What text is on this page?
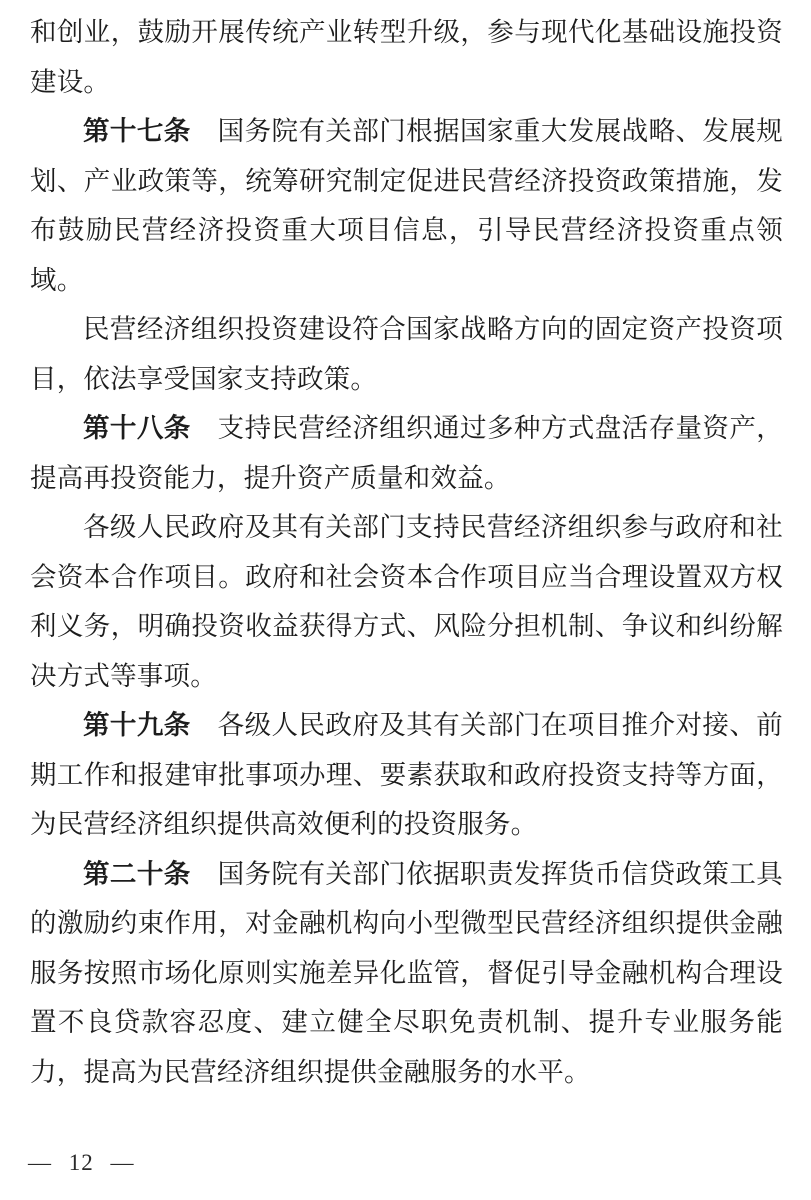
和创业，鼓励开展传统产业转型升级，参与现代化基础设施投资建设。

第十七条　国务院有关部门根据国家重大发展战略、发展规划、产业政策等，统筹研究制定促进民营经济投资政策措施，发布鼓励民营经济投资重大项目信息，引导民营经济投资重点领域。

民营经济组织投资建设符合国家战略方向的固定资产投资项目，依法享受国家支持政策。

第十八条　支持民营经济组织通过多种方式盘活存量资产，提高再投资能力，提升资产质量和效益。

各级人民政府及其有关部门支持民营经济组织参与政府和社会资本合作项目。政府和社会资本合作项目应当合理设置双方权利义务，明确投资收益获得方式、风险分担机制、争议和纠纷解决方式等事项。

第十九条　各级人民政府及其有关部门在项目推介对接、前期工作和报建审批事项办理、要素获取和政府投资支持等方面，为民营经济组织提供高效便利的投资服务。

第二十条　国务院有关部门依据职责发挥货币信贷政策工具的激励约束作用，对金融机构向小型微型民营经济组织提供金融服务按照市场化原则实施差异化监管，督促引导金融机构合理设置不良贷款容忍度、建立健全尽职免责机制、提升专业服务能力，提高为民营经济组织提供金融服务的水平。

— 12 —
